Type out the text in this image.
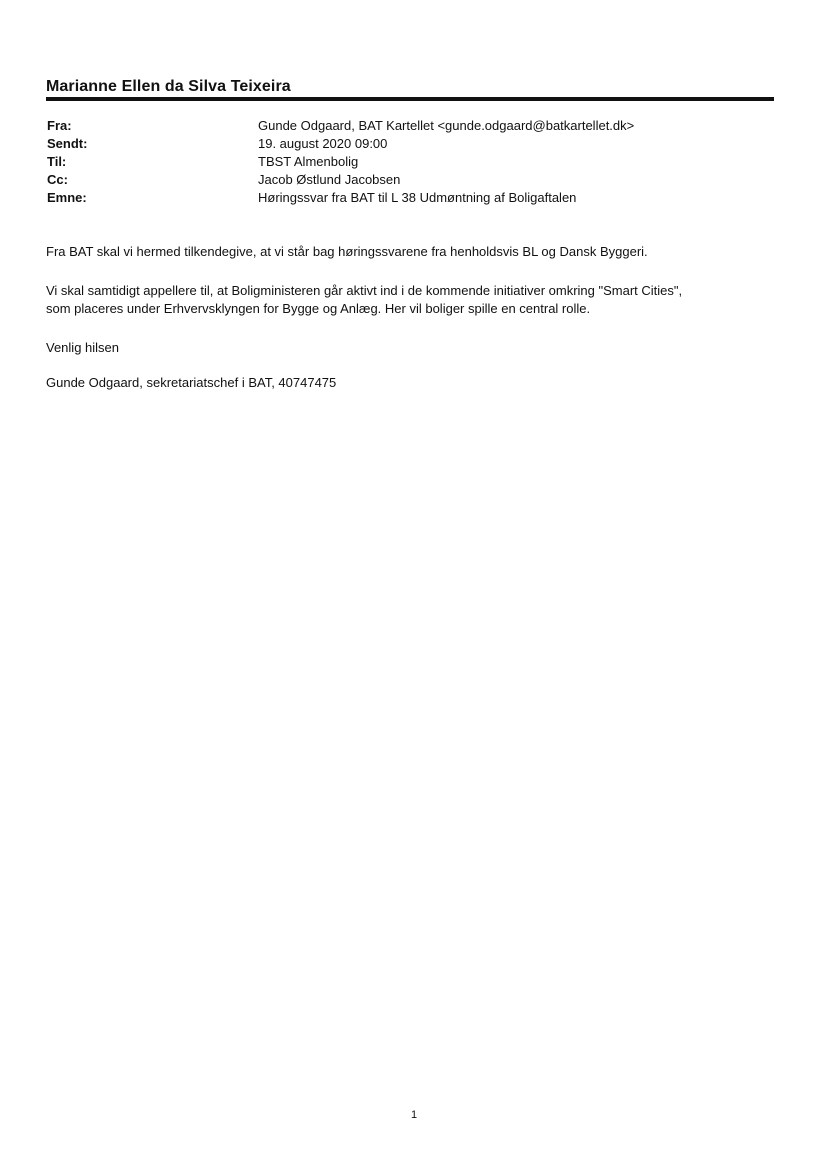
Marianne Ellen da Silva Teixeira
Fra:	Gunde Odgaard, BAT Kartellet <gunde.odgaard@batkartellet.dk>
Sendt:	19. august 2020 09:00
Til:	TBST Almenbolig
Cc:	Jacob Østlund Jacobsen
Emne:	Høringssvar fra BAT til L 38 Udmøntning af Boligaftalen

Fra BAT skal vi hermed tilkendegive, at vi står bag høringssvarene fra henholdsvis BL og Dansk Byggeri.

Vi skal samtidigt appellere til, at Boligministeren går aktivt ind i de kommende initiativer omkring "Smart Cities",

som placeres under Erhvervsklyngen for Bygge og Anlæg. Her vil boliger spille en central rolle.

Venlig hilsen

Gunde Odgaard, sekretariatschef i BAT, 40747475

1
